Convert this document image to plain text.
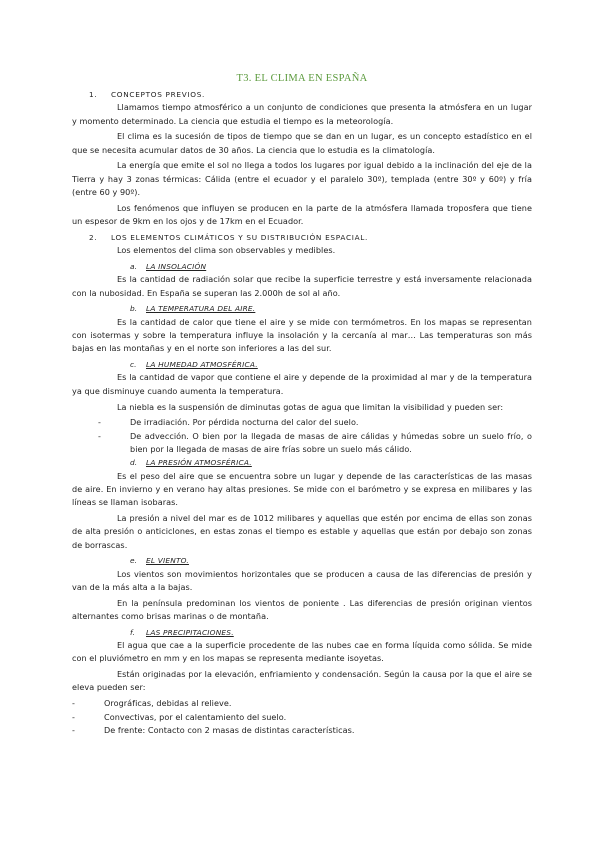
T3. EL CLIMA EN ESPAÑA
1. CONCEPTOS PREVIOS.

Llamamos tiempo atmosférico a un conjunto de condiciones que presenta la atmósfera en un lugar y momento determinado. La ciencia que estudia el tiempo es la meteorología.

El clima es la sucesión de tipos de tiempo que se dan en un lugar, es un concepto estadístico en el que se necesita acumular datos de 30 años. La ciencia que lo estudia es la climatología.

La energía que emite el sol no llega a todos los lugares por igual debido a la inclinación del eje de la Tierra y hay 3 zonas térmicas: Cálida (entre el ecuador y el paralelo 30º), templada (entre 30º y 60º) y fría (entre 60 y 90º).

Los fenómenos que influyen se producen en la parte de la atmósfera llamada troposfera que tiene un espesor de 9km en los ojos y de 17km en el Ecuador.

2. LOS ELEMENTOS CLIMÁTICOS Y SU DISTRIBUCIÓN ESPACIAL.

Los elementos del clima son observables y medibles.

a. LA INSOLACIÓN

Es la cantidad de radiación solar que recibe la superficie terrestre y está inversamente relacionada con la nubosidad. En España se superan las 2.000h de sol al año.

b. LA TEMPERATURA DEL AIRE.

Es la cantidad de calor que tiene el aire y se mide con termómetros. En los mapas se representan con isotermas y sobre la temperatura influye la insolación y la cercanía al mar… Las temperaturas son más bajas en las montañas y en el norte son inferiores a las del sur.

c. LA HUMEDAD ATMOSFÉRICA.

Es la cantidad de vapor que contiene el aire y depende de la proximidad al mar y de la temperatura ya que disminuye cuando aumenta la temperatura.

La niebla es la suspensión de diminutas gotas de agua que limitan la visibilidad y pueden ser:

-	De irradiación. Por pérdida nocturna del calor del suelo.
-	De advección. O bien por la llegada de masas de aire cálidas y húmedas sobre un suelo frío, o bien por la llegada de masas de aire frías sobre un suelo más cálido.
d. LA PRESIÓN ATMOSFÉRICA.

Es el peso del aire que se encuentra sobre un lugar y depende de las características de las masas de aire. En invierno y en verano hay altas presiones. Se mide con el barómetro y se expresa en milibares y las líneas se llaman isobaras.

La presión a nivel del mar es de 1012 milibares y aquellas que estén por encima de ellas son zonas de alta presión o anticiclones, en estas zonas el tiempo es estable y aquellas que están por debajo son zonas de borrascas.

e. EL VIENTO.

Los vientos son movimientos horizontales que se producen a causa de las diferencias de presión y van de la más alta a la bajas.

En la península predominan los vientos de poniente . Las diferencias de presión originan vientos alternantes como brisas marinas o de montaña.

f. LAS PRECIPITACIONES.

El agua que cae a la superficie procedente de las nubes cae en forma líquida como sólida. Se mide con el pluviómetro en mm y en los mapas se representa mediante isoyetas.

Están originadas por la elevación, enfriamiento y condensación. Según la causa por la que el aire se eleva pueden ser:

-	Orográficas, debidas al relieve.
-	Convectivas, por el calentamiento del suelo.
-	De frente: Contacto con 2 masas de distintas características.
